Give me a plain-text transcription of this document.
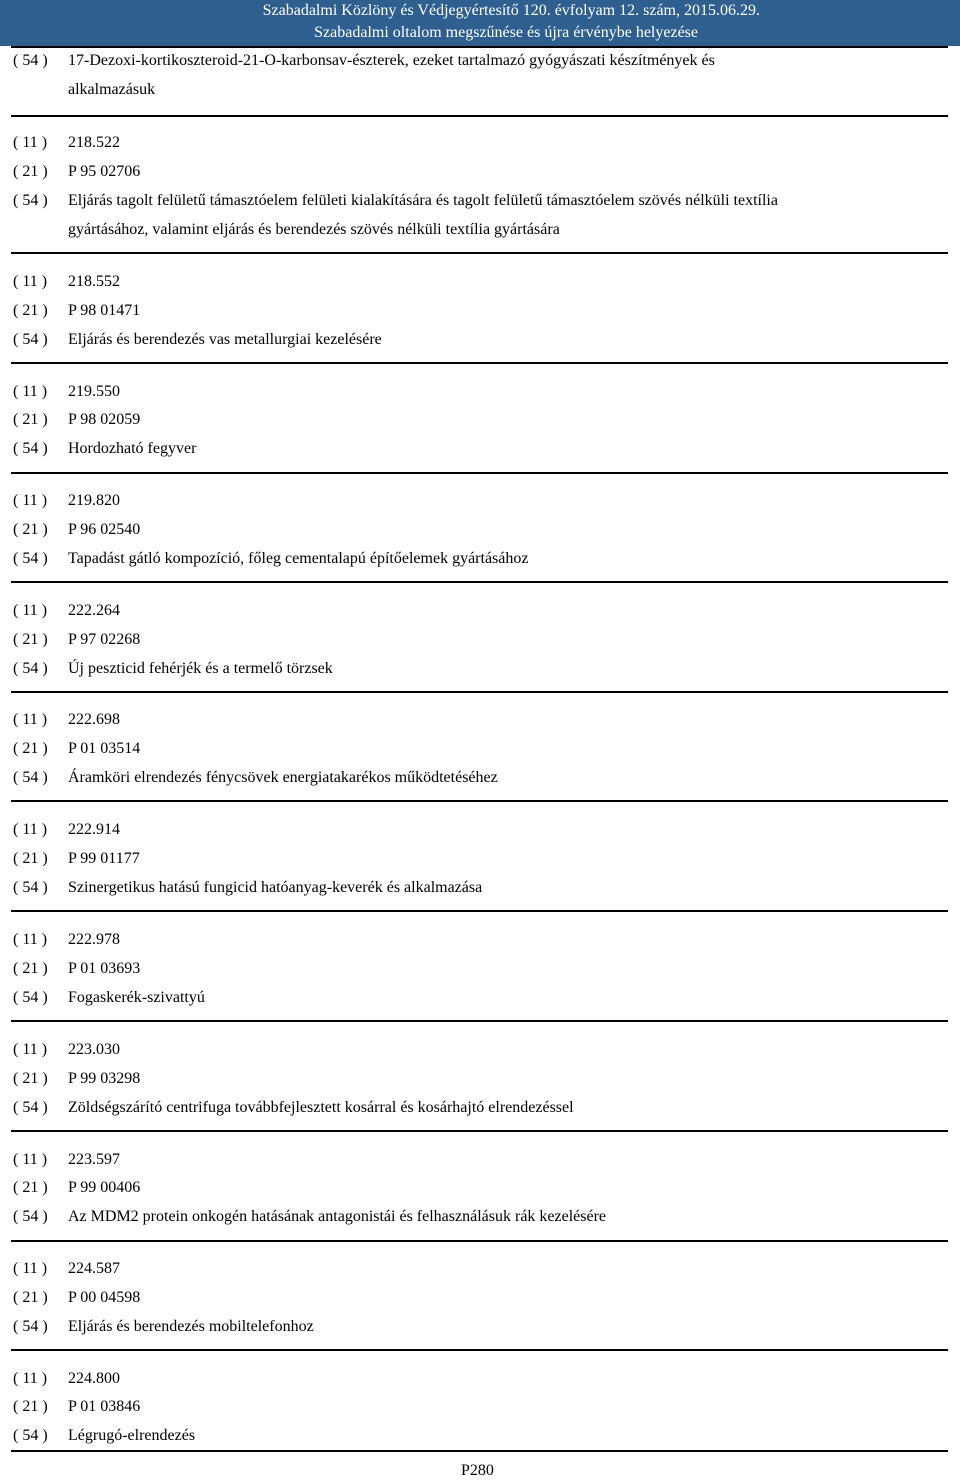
Szabadalmi Közlöny és Védjegyértesítő 120. évfolyam 12. szám, 2015.06.29.
Szabadalmi oltalom megszűnése és újra érvénybe helyezése
( 54 )	17-Dezoxi-kortikoszteroid-21-O-karbonsav-észterek, ezeket tartalmazó gyógyászati készítmények és
alkalmazásuk
( 11 )	218.522
( 21 )	P 95 02706
( 54 )	Eljárás tagolt felületű támasztóelem felületi kialakítására és tagolt felületű támasztóelem szövés nélküli textília
gyártásához, valamint eljárás és berendezés szövés nélküli textília gyártására
( 11 )	218.552
( 21 )	P 98 01471
( 54 )	Eljárás és berendezés vas metallurgiai kezelésére
( 11 )	219.550
( 21 )	P 98 02059
( 54 )	Hordozható fegyver
( 11 )	219.820
( 21 )	P 96 02540
( 54 )	Tapadást gátló kompozíció, főleg cementalapú építőelemek gyártásához
( 11 )	222.264
( 21 )	P 97 02268
( 54 )	Új peszticid fehérjék és a termelő törzsek
( 11 )	222.698
( 21 )	P 01 03514
( 54 )	Áramköri elrendezés fénycsövek energiatakarékos működtetéséhez
( 11 )	222.914
( 21 )	P 99 01177
( 54 )	Szinergetikus hatású fungicid hatóanyag-keverék és alkalmazása
( 11 )	222.978
( 21 )	P 01 03693
( 54 )	Fogaskerék-szivattyú
( 11 )	223.030
( 21 )	P 99 03298
( 54 )	Zöldségszárító centrifuga továbbfejlesztett kosárral és kosárhajtó elrendezéssel
( 11 )	223.597
( 21 )	P 99 00406
( 54 )	Az MDM2 protein onkogén hatásának antagonistái és felhasználásuk rák kezelésére
( 11 )	224.587
( 21 )	P 00 04598
( 54 )	Eljárás és berendezés mobiltelefonhoz
( 11 )	224.800
( 21 )	P 01 03846
( 54 )	Légrugó-elrendezés
P280
